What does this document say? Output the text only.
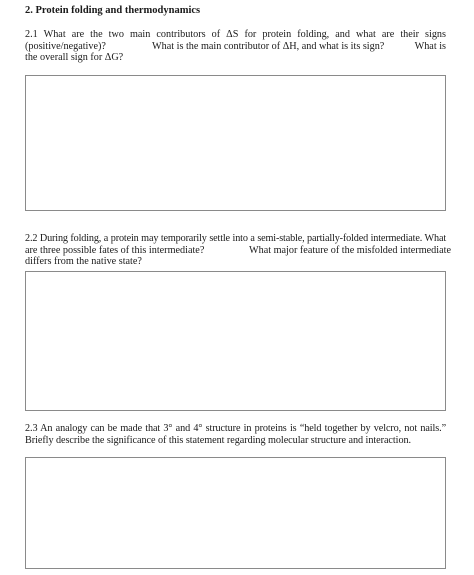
2. Protein folding and thermodynamics
2.1 What are the two main contributors of ΔS for protein folding, and what are their signs
(positive/negative)?	What is the main contributor of ΔH, and what is its sign?	What is
the overall sign for ΔG?
2.2 During folding, a protein may temporarily settle into a semi-stable, partially-folded intermediate. What
are three possible fates of this intermediate?	What major feature of the misfolded intermediate
differs from the native state?
2.3 An analogy can be made that 3° and 4° structure in proteins is “held together by velcro, not nails.”
Briefly describe the significance of this statement regarding molecular structure and interaction.
